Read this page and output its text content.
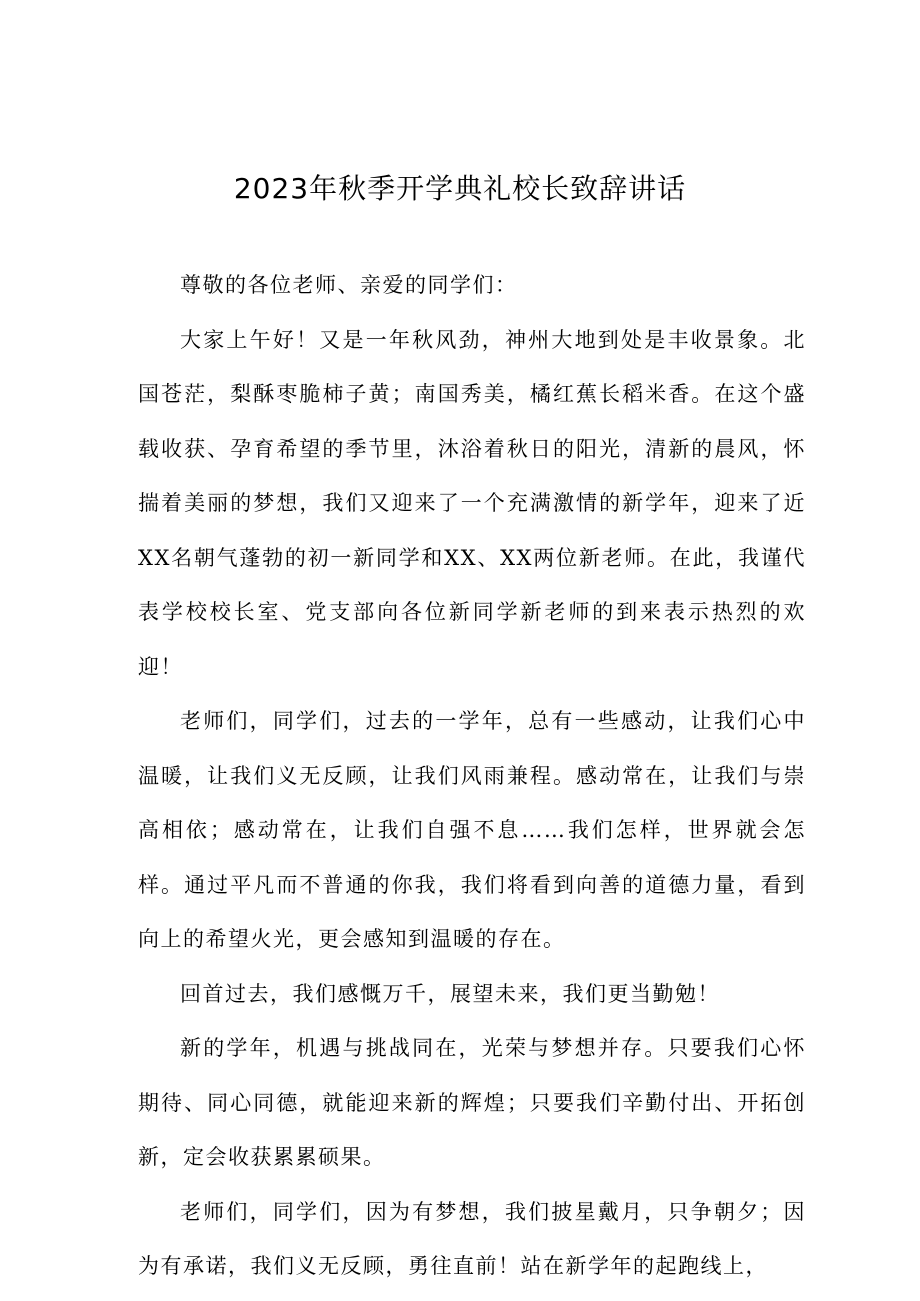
2023年秋季开学典礼校长致辞讲话

尊敬的各位老师、亲爱的同学们：

大家上午好！又是一年秋风劲，神州大地到处是丰收景象。北国苍茫，梨酥枣脆柿子黄；南国秀美，橘红蕉长稻米香。在这个盛载收获、孕育希望的季节里，沐浴着秋日的阳光，清新的晨风，怀揣着美丽的梦想，我们又迎来了一个充满激情的新学年，迎来了近XX名朝气蓬勃的初一新同学和XX、XX两位新老师。在此，我谨代表学校校长室、党支部向各位新同学新老师的到来表示热烈的欢迎！

老师们，同学们，过去的一学年，总有一些感动，让我们心中温暖，让我们义无反顾，让我们风雨兼程。感动常在，让我们与崇高相依；感动常在，让我们自强不息……我们怎样，世界就会怎样。通过平凡而不普通的你我，我们将看到向善的道德力量，看到向上的希望火光，更会感知到温暖的存在。

回首过去，我们感慨万千，展望未来，我们更当勤勉！

新的学年，机遇与挑战同在，光荣与梦想并存。只要我们心怀期待、同心同德，就能迎来新的辉煌；只要我们辛勤付出、开拓创新，定会收获累累硕果。

老师们，同学们，因为有梦想，我们披星戴月，只争朝夕；因为有承诺，我们义无反顾，勇往直前！站在新学年的起跑线上，
